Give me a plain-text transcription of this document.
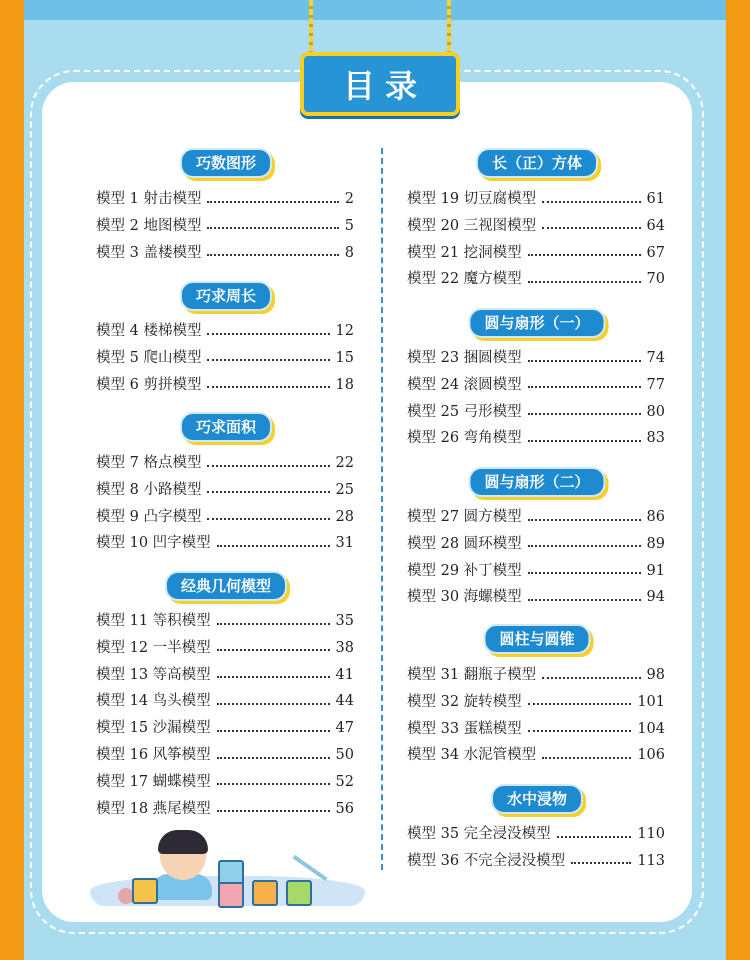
目录
巧数图形
模型 1 射击模型	2
模型 2 地图模型	5
模型 3 盖楼模型	8
巧求周长
模型 4 楼梯模型	12
模型 5 爬山模型	15
模型 6 剪拼模型	18
巧求面积
模型 7 格点模型	22
模型 8 小路模型	25
模型 9 凸字模型	28
模型 10 凹字模型	31
经典几何模型
模型 11 等积模型	35
模型 12 一半模型	38
模型 13 等高模型	41
模型 14 鸟头模型	44
模型 15 沙漏模型	47
模型 16 风筝模型	50
模型 17 蝴蝶模型	52
模型 18 燕尾模型	56
长（正）方体
模型 19 切豆腐模型	61
模型 20 三视图模型	64
模型 21 挖洞模型	67
模型 22 魔方模型	70
圆与扇形（一）
模型 23 捆圆模型	74
模型 24 滚圆模型	77
模型 25 弓形模型	80
模型 26 弯角模型	83
圆与扇形（二）
模型 27 圆方模型	86
模型 28 圆环模型	89
模型 29 补丁模型	91
模型 30 海螺模型	94
圆柱与圆锥
模型 31 翻瓶子模型	98
模型 32 旋转模型	101
模型 33 蛋糕模型	104
模型 34 水泥管模型	106
水中浸物
模型 35 完全浸没模型	110
模型 36 不完全浸没模型	113
